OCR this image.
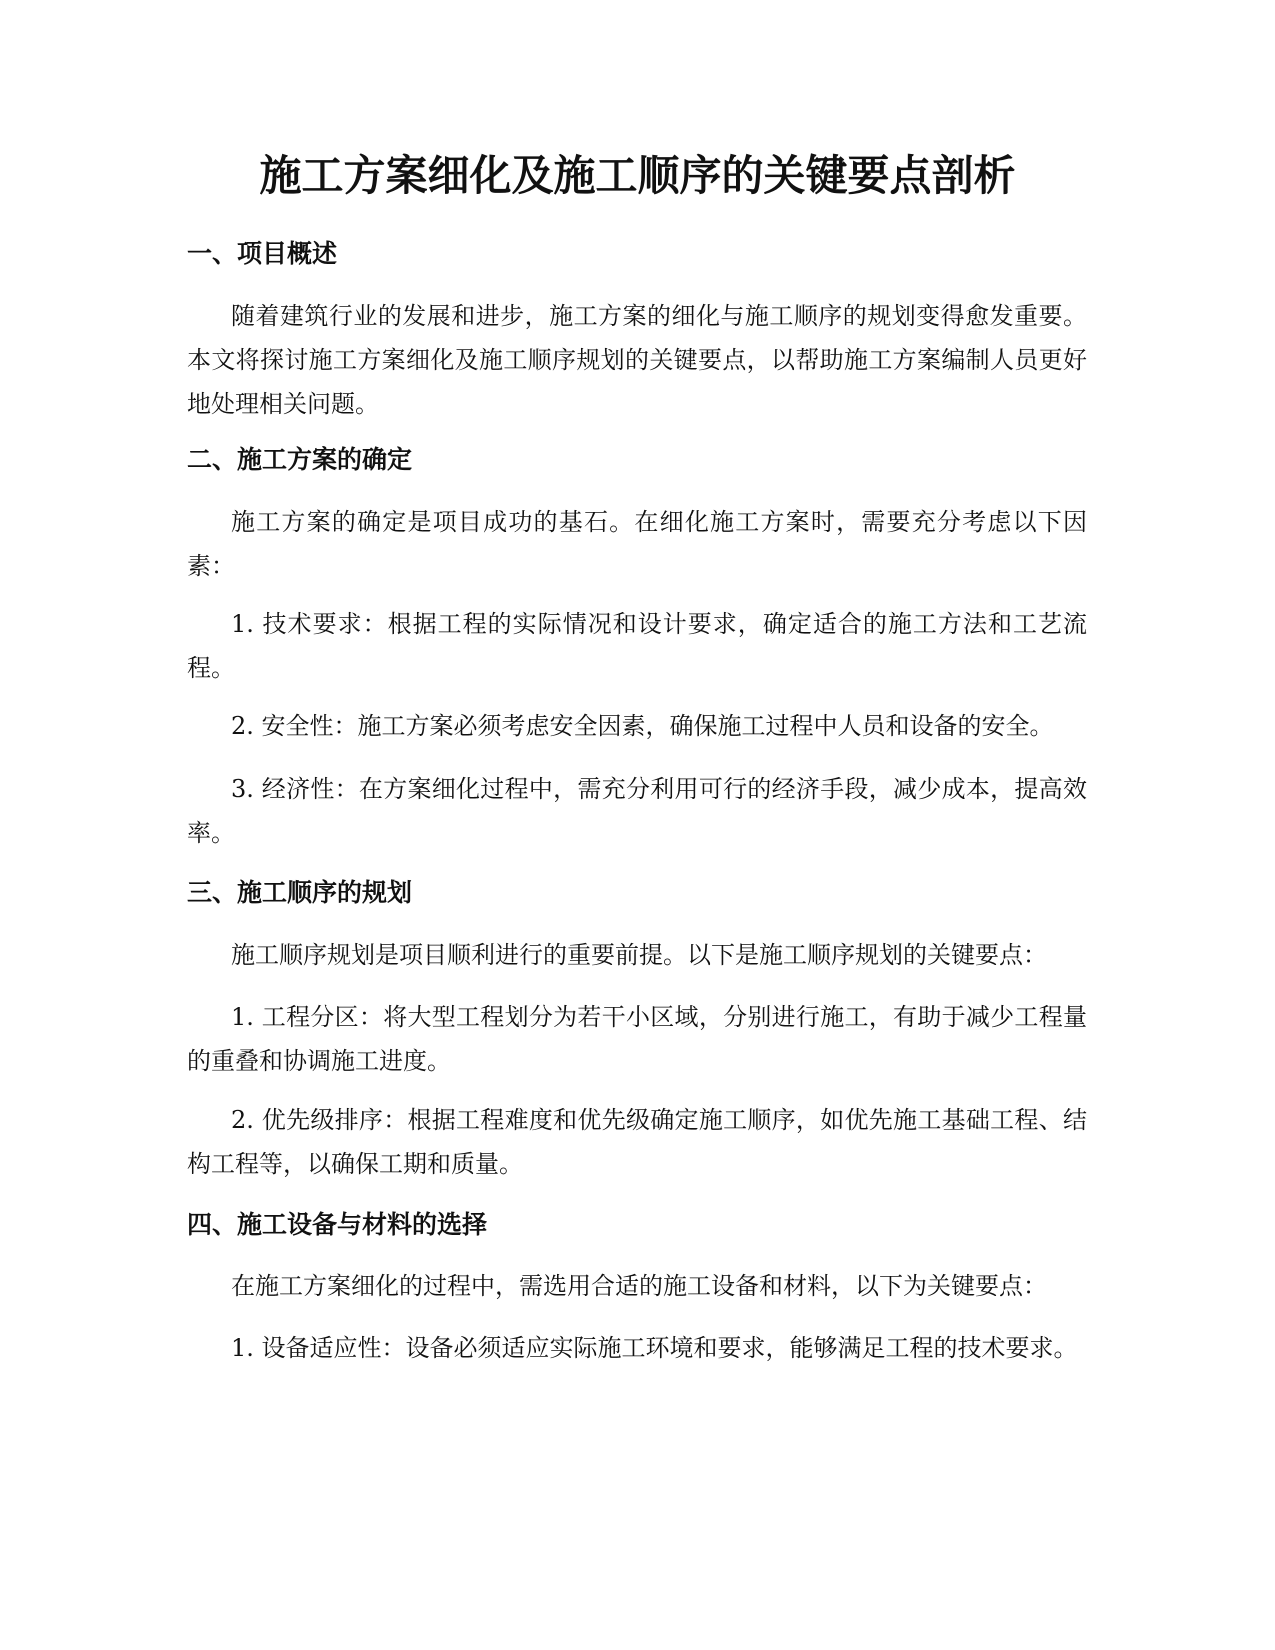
施工方案细化及施工顺序的关键要点剖析
一、项目概述

随着建筑行业的发展和进步，施工方案的细化与施工顺序的规划变得愈发重要。本文将探讨施工方案细化及施工顺序规划的关键要点，以帮助施工方案编制人员更好地处理相关问题。

二、施工方案的确定

施工方案的确定是项目成功的基石。在细化施工方案时，需要充分考虑以下因素：

1. 技术要求：根据工程的实际情况和设计要求，确定适合的施工方法和工艺流程。

2. 安全性：施工方案必须考虑安全因素，确保施工过程中人员和设备的安全。

3. 经济性：在方案细化过程中，需充分利用可行的经济手段，减少成本，提高效率。

三、施工顺序的规划

施工顺序规划是项目顺利进行的重要前提。以下是施工顺序规划的关键要点：

1. 工程分区：将大型工程划分为若干小区域，分别进行施工，有助于减少工程量的重叠和协调施工进度。

2. 优先级排序：根据工程难度和优先级确定施工顺序，如优先施工基础工程、结构工程等，以确保工期和质量。

四、施工设备与材料的选择

在施工方案细化的过程中，需选用合适的施工设备和材料，以下为关键要点：

1. 设备适应性：设备必须适应实际施工环境和要求，能够满足工程的技术要求。
